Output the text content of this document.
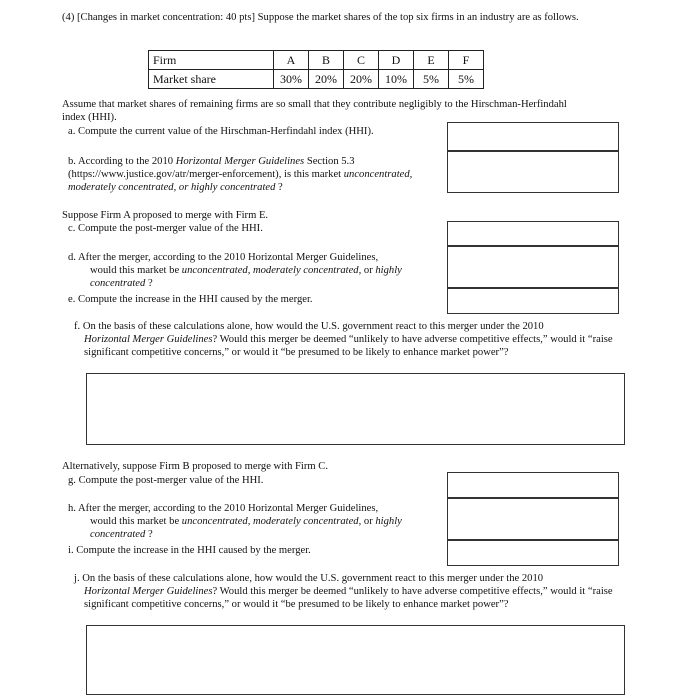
(4) [Changes in market concentration: 40 pts] Suppose the market shares of the top six firms in an industry are as follows.
Firm	A	B	C	D	E	F
Market share	30%	20%	20%	10%	5%	5%
Assume that market shares of remaining firms are so small that they contribute negligibly to the Hirschman-Herfindahl index (HHI).
a. Compute the current value of the Hirschman-Herfindahl index (HHI).
b. According to the 2010 Horizontal Merger Guidelines Section 5.3 (https://www.justice.gov/atr/merger-enforcement), is this market unconcentrated, moderately concentrated, or highly concentrated ?
Suppose Firm A proposed to merge with Firm E.
c. Compute the post-merger value of the HHI.
d. After the merger, according to the 2010 Horizontal Merger Guidelines,
would this market be unconcentrated, moderately concentrated, or highly
concentrated ?
e. Compute the increase in the HHI caused by the merger.
f. On the basis of these calculations alone, how would the U.S. government react to this merger under the 2010
Horizontal Merger Guidelines? Would this merger be deemed “unlikely to have adverse competitive effects,” would it “raise significant competitive concerns,” or would it “be presumed to be likely to enhance market power”?
Alternatively, suppose Firm B proposed to merge with Firm C.
g. Compute the post-merger value of the HHI.
h. After the merger, according to the 2010 Horizontal Merger Guidelines,
would this market be unconcentrated, moderately concentrated, or highly
concentrated ?
i. Compute the increase in the HHI caused by the merger.
j. On the basis of these calculations alone, how would the U.S. government react to this merger under the 2010
Horizontal Merger Guidelines? Would this merger be deemed “unlikely to have adverse competitive effects,” would it “raise significant competitive concerns,” or would it “be presumed to be likely to enhance market power”?
